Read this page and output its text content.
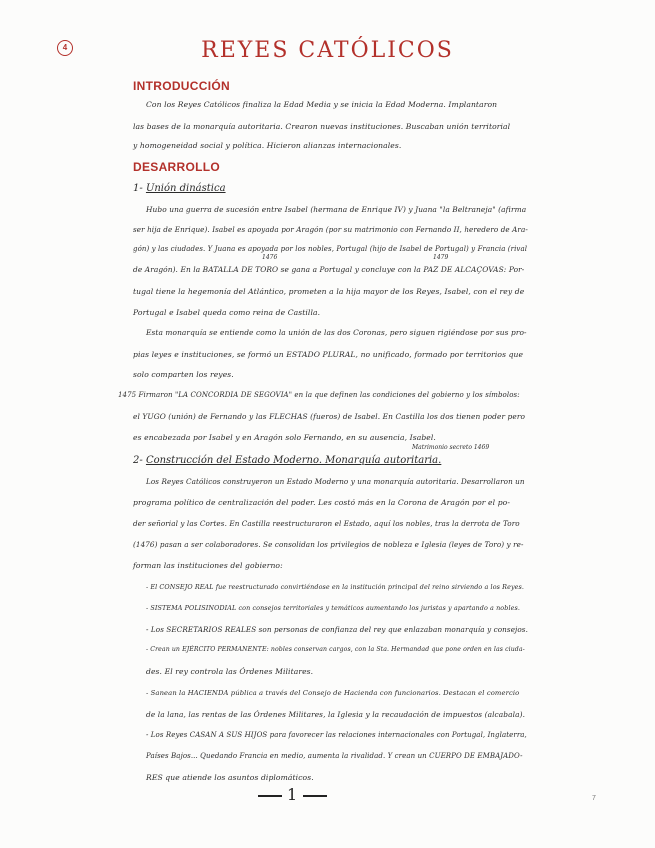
4	REYES CATÓLICOS
INTRODUCCIÓN
Con los Reyes Católicos finaliza la Edad Media y se inicia la Edad Moderna. Implantaron
las bases de la monarquía autoritaria. Crearon nuevas instituciones. Buscaban unión territorial
y homogeneidad social y política. Hicieron alianzas internacionales.
DESARROLLO
1- Unión dinástica
Hubo una guerra de sucesión entre Isabel (hermana de Enrique IV) y Juana "la Beltraneja" (afirma
ser hija de Enrique). Isabel es apoyada por Aragón (por su matrimonio con Fernando II, heredero de Ara-
gón) y las ciudades. Y Juana es apoyada por los nobles, Portugal (hijo de Isabel de Portugal) y Francia (rival
1476	1479
de Aragón). En la BATALLA DE TORO se gana a Portugal y concluye con la PAZ DE ALCAÇOVAS: Por-
tugal tiene la hegemonía del Atlántico, prometen a la hija mayor de los Reyes, Isabel, con el rey de
Portugal e Isabel queda como reina de Castilla.
Esta monarquía se entiende como la unión de las dos Coronas, pero siguen rigiéndose por sus pro-
pias leyes e instituciones, se formó un ESTADO PLURAL, no unificado, formado por territorios que
solo comparten los reyes.
1475 Firmaron "LA CONCORDIA DE SEGOVIA" en la que definen las condiciones del gobierno y los símbolos:
el YUGO (unión) de Fernando y las FLECHAS (fueros) de Isabel. En Castilla los dos tienen poder pero
es encabezada por Isabel y en Aragón solo Fernando, en su ausencia, Isabel.
Matrimonio secreto 1469
2- Construcción del Estado Moderno. Monarquía autoritaria.
Los Reyes Católicos construyeron un Estado Moderno y una monarquía autoritaria. Desarrollaron un
programa político de centralización del poder. Les costó más en la Corona de Aragón por el po-
der señorial y las Cortes. En Castilla reestructuraron el Estado, aquí los nobles, tras la derrota de Toro
(1476) pasan a ser colaboradores. Se consolidan los privilegios de nobleza e Iglesia (leyes de Toro) y re-
forman las instituciones del gobierno:
- El CONSEJO REAL fue reestructurado convirtiéndose en la institución principal del reino sirviendo a los Reyes.
- SISTEMA POLISINODIAL con consejos territoriales y temáticos aumentando los juristas y apartando a nobles.
- Los SECRETARIOS REALES son personas de confianza del rey que enlazaban monarquía y consejos.
- Crean un EJÉRCITO PERMANENTE: nobles conservan cargos, con la Sta. Hermandad que pone orden en las ciuda-
des. El rey controla las Órdenes Militares.
- Sanean la HACIENDA pública a través del Consejo de Hacienda con funcionarios. Destacan el comercio
de la lana, las rentas de las Órdenes Militares, la Iglesia y la recaudación de impuestos (alcabala).
- Los Reyes CASAN A SUS HIJOS para favorecer las relaciones internacionales con Portugal, Inglaterra,
Países Bajos... Quedando Francia en medio, aumenta la rivalidad. Y crean un CUERPO DE EMBAJADO-
RES que atiende los asuntos diplomáticos.
1	7
